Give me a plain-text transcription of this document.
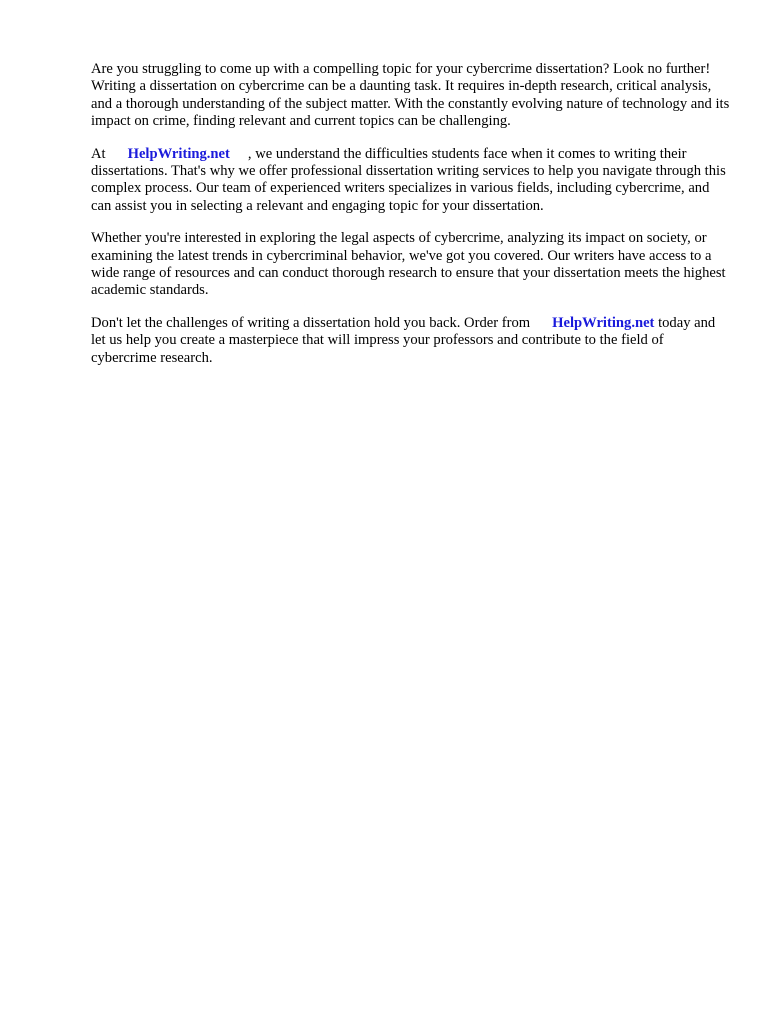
Are you struggling to come up with a compelling topic for your cybercrime dissertation? Look no further! Writing a dissertation on cybercrime can be a daunting task. It requires in-depth research, critical analysis, and a thorough understanding of the subject matter. With the constantly evolving nature of technology and its impact on crime, finding relevant and current topics can be challenging.

At HelpWriting.net , we understand the difficulties students face when it comes to writing their dissertations. That's why we offer professional dissertation writing services to help you navigate through this complex process. Our team of experienced writers specializes in various fields, including cybercrime, and can assist you in selecting a relevant and engaging topic for your dissertation.

Whether you're interested in exploring the legal aspects of cybercrime, analyzing its impact on society, or examining the latest trends in cybercriminal behavior, we've got you covered. Our writers have access to a wide range of resources and can conduct thorough research to ensure that your dissertation meets the highest academic standards.

Don't let the challenges of writing a dissertation hold you back. Order from HelpWriting.net today and let us help you create a masterpiece that will impress your professors and contribute to the field of cybercrime research.
